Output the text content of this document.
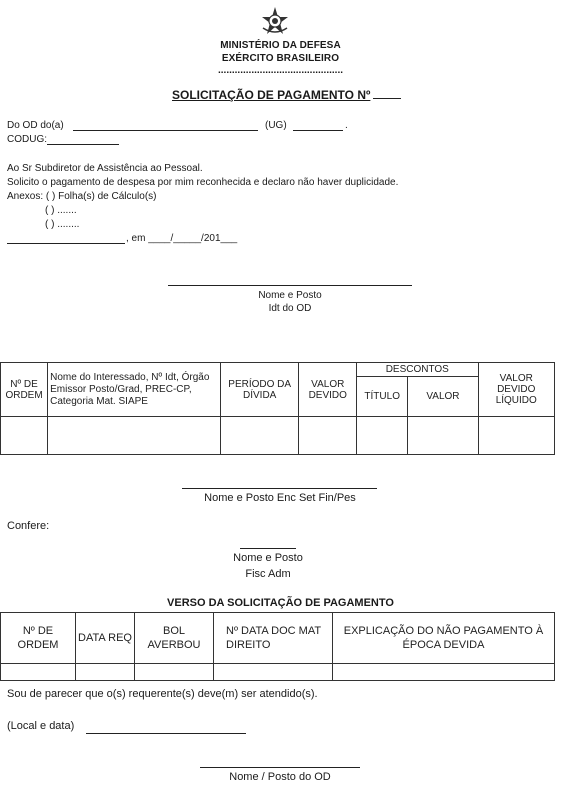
MINISTÉRIO DA DEFESA
EXÉRCITO BRASILEIRO
.............................................
SOLICITAÇÃO DE PAGAMENTO Nº
Do OD do(a)	(UG)	.
CODUG:
Ao Sr Subdiretor de Assistência ao Pessoal.
Solicito o pagamento de despesa por mim reconhecida e declaro não haver duplicidade.
Anexos: ( ) Folha(s) de Cálculo(s)
( ) .......
( ) ........
, em ____/_____/201___
Nome e Posto
Idt do OD
Nº DE ORDEM	Nome do Interessado, Nº Idt, Órgão Emissor Posto/Grad, PREC-CP, Categoria Mat. SIAPE	PERÍODO DA DÍVIDA	VALOR DEVIDO	DESCONTOS		VALOR DEVIDO LÍQUIDO
				TÍTULO	VALOR	

Nome e Posto Enc Set Fin/Pes
Confere:
Nome e Posto
Fisc Adm
VERSO DA SOLICITAÇÃO DE PAGAMENTO
Nº DE ORDEM	DATA REQ	BOL AVERBOU	Nº DATA DOC MAT DIREITO	EXPLICAÇÃO DO NÃO PAGAMENTO À ÉPOCA DEVIDA

Sou de parecer que o(s) requerente(s) deve(m) ser atendido(s).
(Local e data)
Nome / Posto do OD
